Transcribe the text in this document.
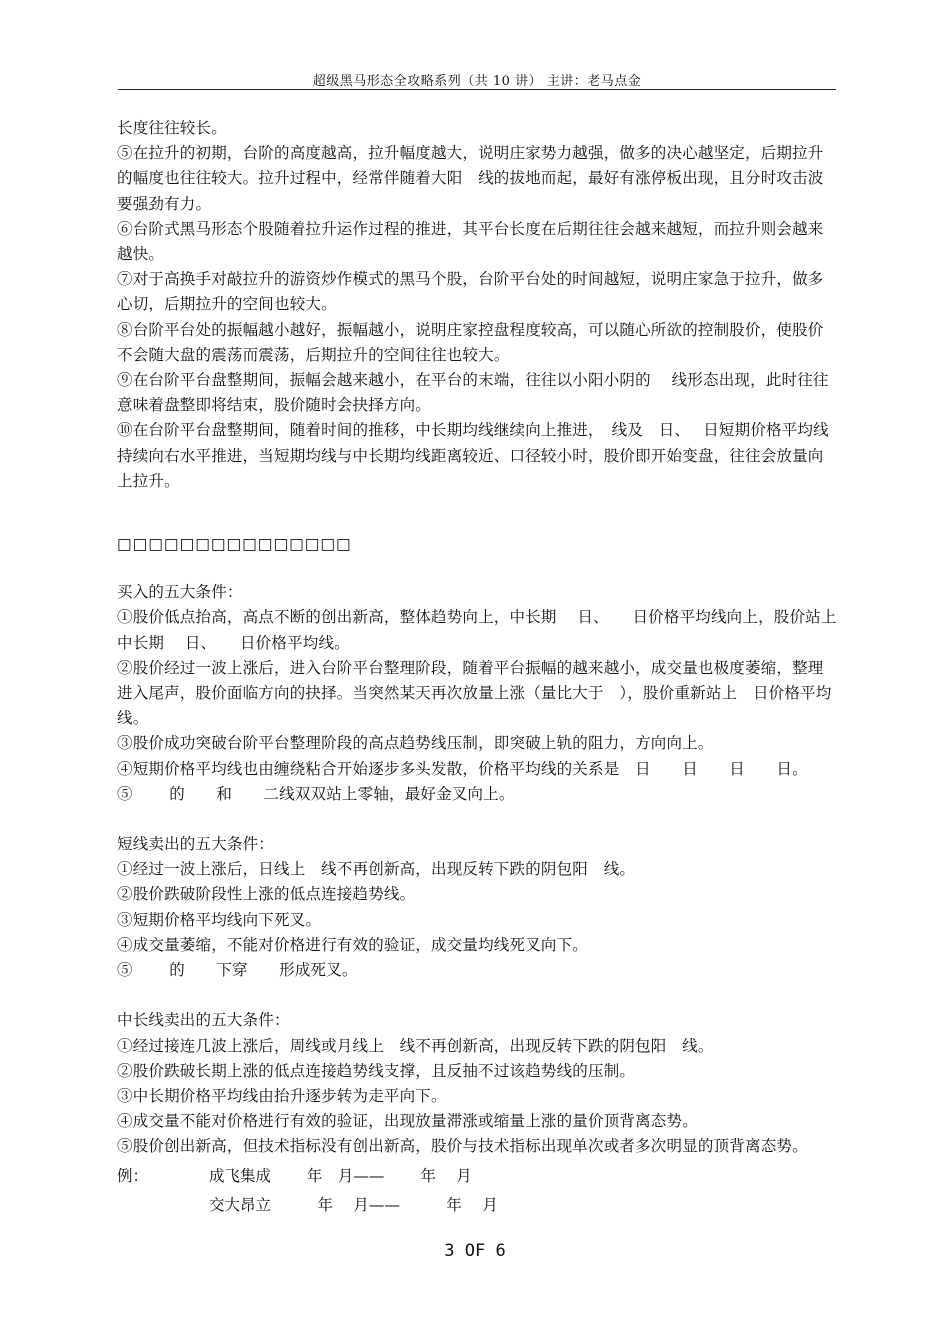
超级黑马形态全攻略系列（共 10 讲） 主讲：老马点金

长度往往较长。

⑤在拉升的初期，台阶的高度越高，拉升幅度越大，说明庄家势力越强，做多的决心越坚定，后期拉升的幅度也往往较大。拉升过程中，经常伴随着大阳　线的拔地而起，最好有涨停板出现，且分时攻击波要强劲有力。

⑥台阶式黑马形态个股随着拉升运作过程的推进，其平台长度在后期往往会越来越短，而拉升则会越来越快。

⑦对于高换手对敲拉升的游资炒作模式的黑马个股，台阶平台处的时间越短，说明庄家急于拉升，做多心切，后期拉升的空间也较大。

⑧台阶平台处的振幅越小越好，振幅越小，说明庄家控盘程度较高，可以随心所欲的控制股价，使股价不会随大盘的震荡而震荡，后期拉升的空间往往也较大。

⑨在台阶平台盘整期间，振幅会越来越小，在平台的末端，往往以小阳小阴的　 线形态出现，此时往往意味着盘整即将结束，股价随时会抉择方向。

⑩在台阶平台盘整期间，随着时间的推移，中长期均线继续向上推进，　线及　日、　 日短期价格平均线持续向右水平推进，当短期均线与中长期均线距离较近、口径较小时，股价即开始变盘，往往会放量向上拉升。

□□□□□□□□□□□□□□□

买入的五大条件：

①股价低点抬高，高点不断的创出新高，整体趋势向上，中长期　 日、　　日价格平均线向上，股价站上中长期　 日、　　日价格平均线。

②股价经过一波上涨后，进入台阶平台整理阶段，随着平台振幅的越来越小，成交量也极度萎缩，整理进入尾声，股价面临方向的抉择。当突然某天再次放量上涨（量比大于　），股价重新站上　日价格平均线。

③股价成功突破台阶平台整理阶段的高点趋势线压制，即突破上轨的阻力，方向向上。

④短期价格平均线也由缠绕粘合开始逐步多头发散，价格平均线的关系是　日　　日　　日　　日。

⑤　　 的　　和　　二线双双站上零轴，最好金叉向上。

短线卖出的五大条件：

①经过一波上涨后，日线上　线不再创新高，出现反转下跌的阴包阳　线。

②股价跌破阶段性上涨的低点连接趋势线。

③短期价格平均线向下死叉。

④成交量萎缩，不能对价格进行有效的验证，成交量均线死叉向下。

⑤　　 的　　下穿　　形成死叉。

中长线卖出的五大条件：

①经过接连几波上涨后，周线或月线上　线不再创新高，出现反转下跌的阴包阳　线。

②股价跌破长期上涨的低点连接趋势线支撑，且反抽不过该趋势线的压制。

③中长期价格平均线由抬升逐步转为走平向下。

④成交量不能对价格进行有效的验证，出现放量滞涨或缩量上涨的量价顶背离态势。

⑤股价创出新高，但技术指标没有创出新高，股价与技术指标出现单次或者多次明显的顶背离态势。

例：	成飞集成　　 年　月——　　 年　 月
交大昂立　　　年　 月——　　　年　 月
3 OF 6
